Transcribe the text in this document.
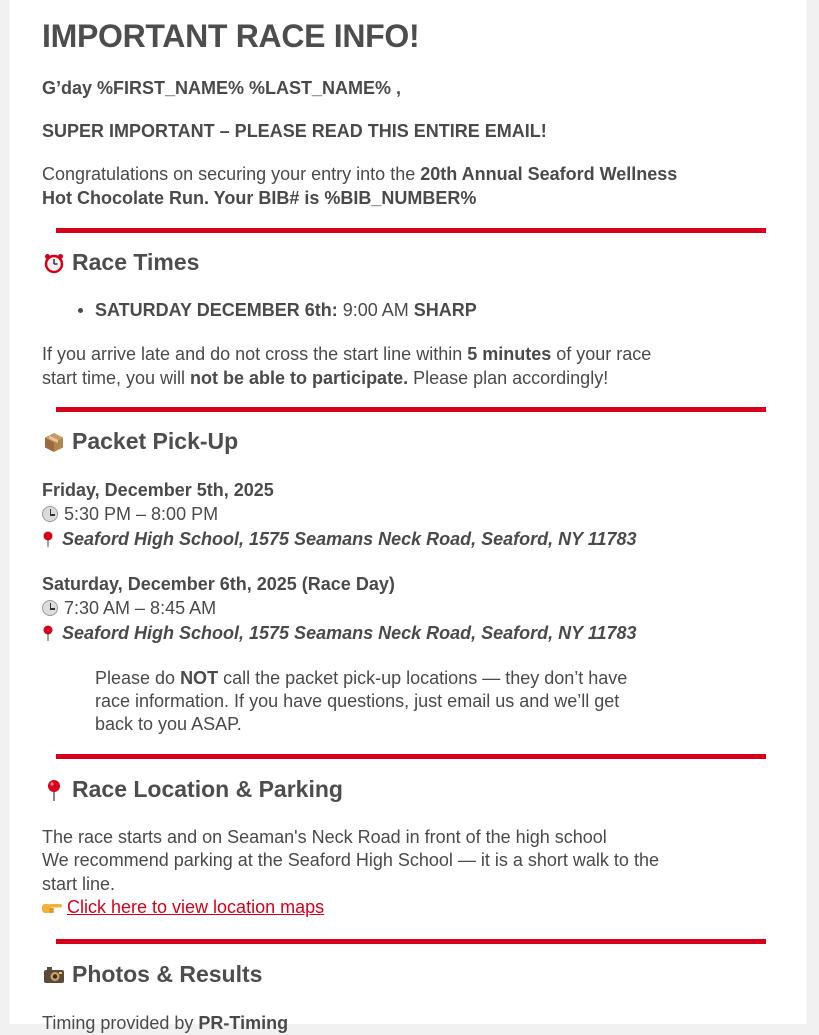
IMPORTANT RACE INFO!
G’day %FIRST_NAME% %LAST_NAME% ,
SUPER IMPORTANT – PLEASE READ THIS ENTIRE EMAIL!
Congratulations on securing your entry into the 20th Annual Seaford Wellness
Hot Chocolate Run. Your BIB# is %BIB_NUMBER%
Race Times
SATURDAY DECEMBER 6th: 9:00 AM SHARP
If you arrive late and do not cross the start line within 5 minutes of your race
start time, you will not be able to participate. Please plan accordingly!
Packet Pick-Up
Friday, December 5th, 2025
5:30 PM – 8:00 PM
Seaford High School, 1575 Seamans Neck Road, Seaford, NY 11783
Saturday, December 6th, 2025 (Race Day)
7:30 AM – 8:45 AM
Seaford High School, 1575 Seamans Neck Road, Seaford, NY 11783
Please do NOT call the packet pick-up locations — they don’t have
race information. If you have questions, just email us and we’ll get
back to you ASAP.
Race Location & Parking
The race starts and on Seaman's Neck Road in front of the high school
We recommend parking at the Seaford High School — it is a short walk to the
start line.
Click here to view location maps
Photos & Results
Timing provided by PR-Timing
